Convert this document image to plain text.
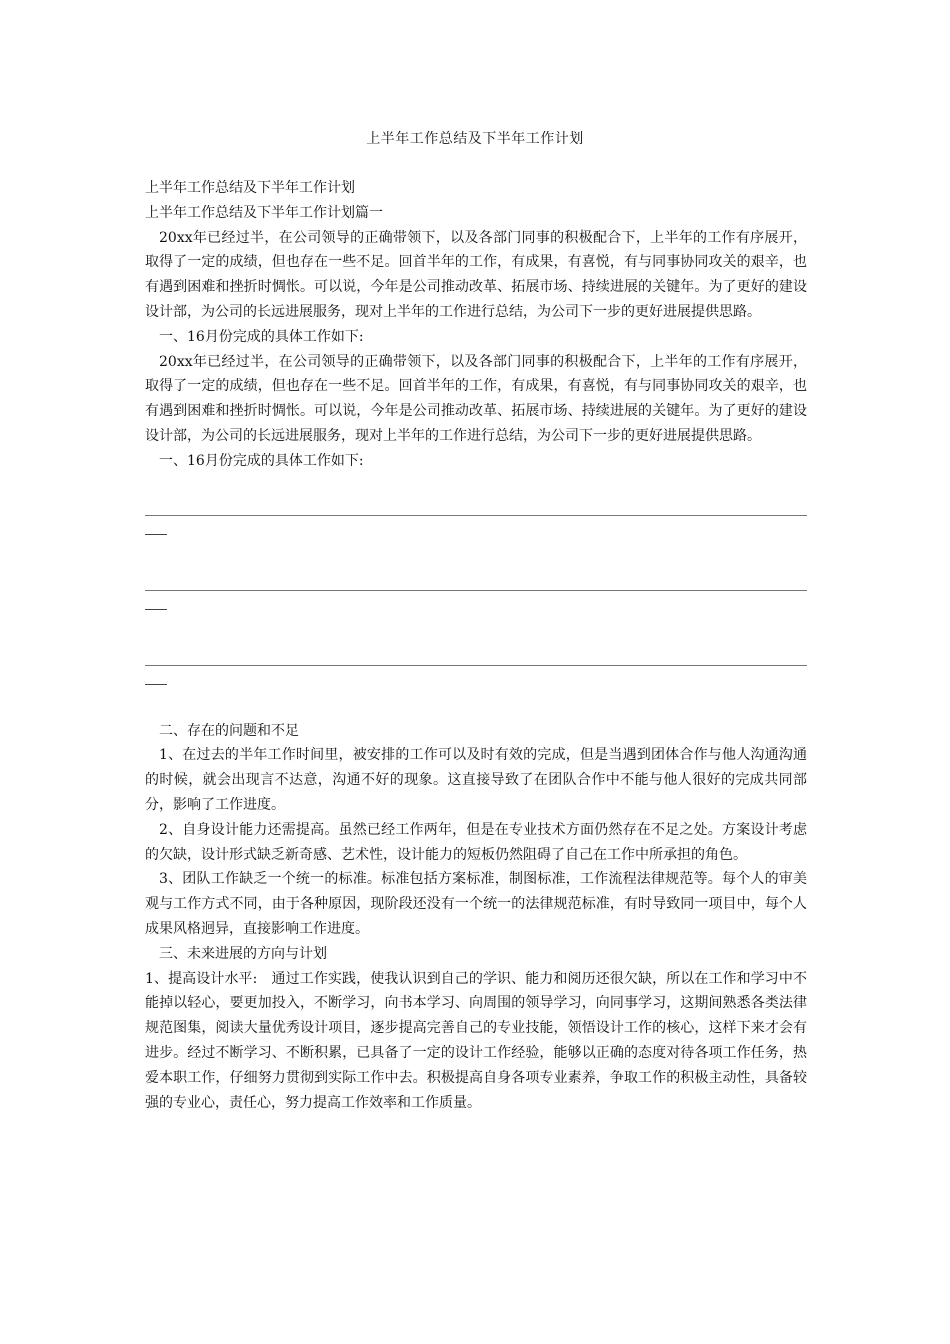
上半年工作总结及下半年工作计划
上半年工作总结及下半年工作计划
上半年工作总结及下半年工作计划篇一
20xx年已经过半，在公司领导的正确带领下，以及各部门同事的积极配合下，上半年的工作有序展开，取得了一定的成绩，但也存在一些不足。回首半年的工作，有成果，有喜悦，有与同事协同攻关的艰辛，也有遇到困难和挫折时惆怅。可以说，今年是公司推动改革、拓展市场、持续进展的关键年。为了更好的建设设计部，为公司的长远进展服务，现对上半年的工作进行总结，为公司下一步的更好进展提供思路。
一、16月份完成的具体工作如下:
20xx年已经过半，在公司领导的正确带领下，以及各部门同事的积极配合下，上半年的工作有序展开，取得了一定的成绩，但也存在一些不足。回首半年的工作，有成果，有喜悦，有与同事协同攻关的艰辛，也有遇到困难和挫折时惆怅。可以说，今年是公司推动改革、拓展市场、持续进展的关键年。为了更好的建设设计部，为公司的长远进展服务，现对上半年的工作进行总结，为公司下一步的更好进展提供思路。
一、16月份完成的具体工作如下:
二、存在的问题和不足
1、在过去的半年工作时间里，被安排的工作可以及时有效的完成，但是当遇到团体合作与他人沟通沟通的时候，就会出现言不达意，沟通不好的现象。这直接导致了在团队合作中不能与他人很好的完成共同部分，影响了工作进度。
2、自身设计能力还需提高。虽然已经工作两年，但是在专业技术方面仍然存在不足之处。方案设计考虑的欠缺，设计形式缺乏新奇感、艺术性，设计能力的短板仍然阻碍了自己在工作中所承担的角色。
3、团队工作缺乏一个统一的标准。标准包括方案标准，制图标准，工作流程法律规范等。每个人的审美观与工作方式不同，由于各种原因，现阶段还没有一个统一的法律规范标准，有时导致同一项目中，每个人成果风格迥异，直接影响工作进度。
三、未来进展的方向与计划
1、提高设计水平:　通过工作实践，使我认识到自己的学识、能力和阅历还很欠缺，所以在工作和学习中不能掉以轻心，要更加投入，不断学习，向书本学习、向周围的领导学习，向同事学习，这期间熟悉各类法律规范图集，阅读大量优秀设计项目，逐步提高完善自己的专业技能，领悟设计工作的核心，这样下来才会有进步。经过不断学习、不断积累，已具备了一定的设计工作经验，能够以正确的态度对待各项工作任务，热爱本职工作，仔细努力贯彻到实际工作中去。积极提高自身各项专业素养，争取工作的积极主动性，具备较强的专业心，责任心，努力提高工作效率和工作质量。
